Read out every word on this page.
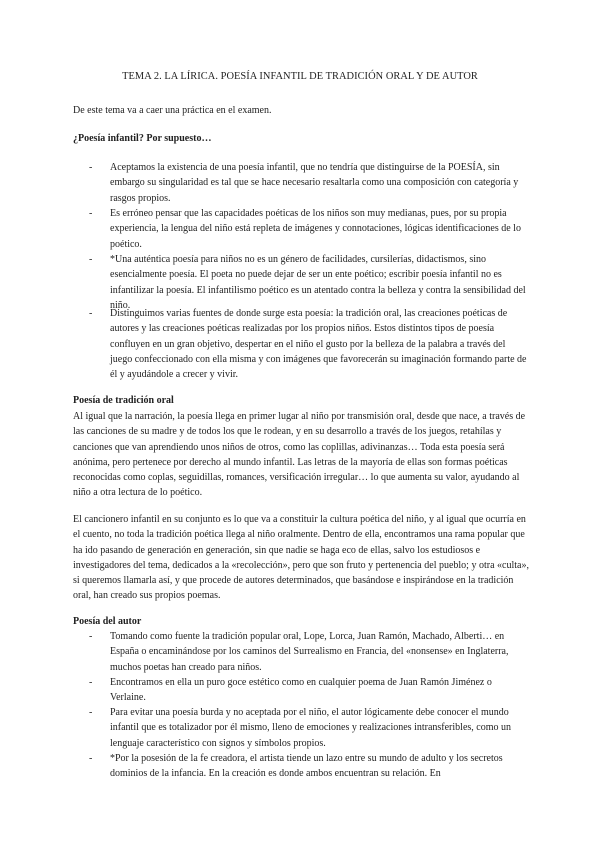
TEMA 2. LA LÍRICA. POESÍA INFANTIL DE TRADICIÓN ORAL Y DE AUTOR
De este tema va a caer una práctica en el examen.
¿Poesía infantil? Por supuesto…
-	Aceptamos la existencia de una poesía infantil, que no tendría que distinguirse de la POESÍA, sin embargo su singularidad es tal que se hace necesario resaltarla como una composición con categoría y rasgos propios.
-	Es erróneo pensar que las capacidades poéticas de los niños son muy medianas, pues, por su propia experiencia, la lengua del niño está repleta de imágenes y connotaciones, lógicas identificaciones de lo poético.
-	*Una auténtica poesía para niños no es un género de facilidades, cursilerías, didactismos, sino esencialmente poesía. El poeta no puede dejar de ser un ente poético; escribir poesía infantil no es infantilizar la poesía. El infantilismo poético es un atentado contra la belleza y contra la sensibilidad del niño.
-	Distinguimos varias fuentes de donde surge esta poesía: la tradición oral, las creaciones poéticas de autores y las creaciones poéticas realizadas por los propios niños. Estos distintos tipos de poesía confluyen en un gran objetivo, despertar en el niño el gusto por la belleza de la palabra a través del juego confeccionado con ella misma y con imágenes que favorecerán su imaginación formando parte de él y ayudándole a crecer y vivir.
Poesía de tradición oral
Al igual que la narración, la poesía llega en primer lugar al niño por transmisión oral, desde que nace, a través de las canciones de su madre y de todos los que le rodean, y en su desarrollo a través de los juegos, retahílas y canciones que van aprendiendo unos niños de otros, como las coplillas, adivinanzas… Toda esta poesía será anónima, pero pertenece por derecho al mundo infantil. Las letras de la mayoría de ellas son formas poéticas reconocidas como coplas, seguidillas, romances, versificación irregular… lo que aumenta su valor, ayudando al niño a otra lectura de lo poético.
El cancionero infantil en su conjunto es lo que va a constituir la cultura poética del niño, y al igual que ocurría en el cuento, no toda la tradición poética llega al niño oralmente. Dentro de ella, encontramos una rama popular que ha ido pasando de generación en generación, sin que nadie se haga eco de ellas, salvo los estudiosos e investigadores del tema, dedicados a la «recolección», pero que son fruto y pertenencia del pueblo; y otra «culta», si queremos llamarla así, y que procede de autores determinados, que basándose e inspirándose en la tradición oral, han creado sus propios poemas.
Poesía del autor
-	Tomando como fuente la tradición popular oral, Lope, Lorca, Juan Ramón, Machado, Alberti… en España o encaminándose por los caminos del Surrealismo en Francia, del «nonsense» en Inglaterra, muchos poetas han creado para niños.
-	Encontramos en ella un puro goce estético como en cualquier poema de Juan Ramón Jiménez o Verlaine.
-	Para evitar una poesía burda y no aceptada por el niño, el autor lógicamente debe conocer el mundo infantil que es totalizador por él mismo, lleno de emociones y realizaciones intransferibles, como un lenguaje característico con signos y símbolos propios.
-	*Por la posesión de la fe creadora, el artista tiende un lazo entre su mundo de adulto y los secretos dominios de la infancia. En la creación es donde ambos encuentran su relación. En
